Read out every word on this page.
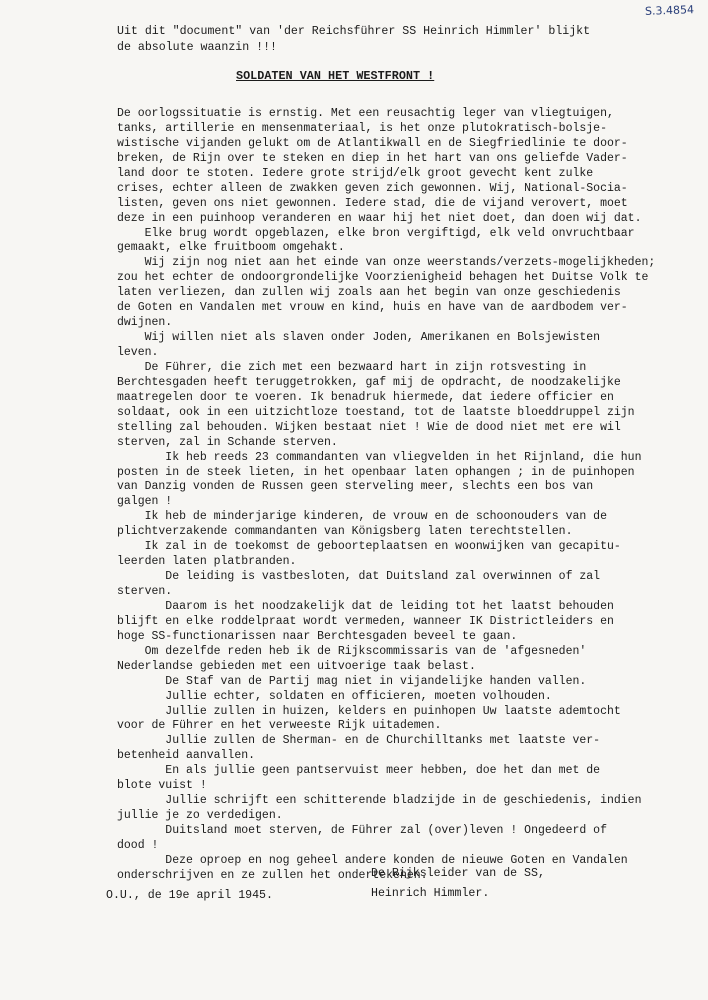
S.3.4854
Uit dit "document" van 'der Reichsführer SS Heinrich Himmler' blijkt
de absolute waanzin !!!
SOLDATEN VAN HET WESTFRONT !
De oorlogssituatie is ernstig. Met een reusachtig leger van vliegtuigen,
tanks, artillerie en mensenmateriaal, is het onze plutokratisch-bolsje-
wistische vijanden gelukt om de Atlantikwall en de Siegfriedlinie te door-
breken, de Rijn over te steken en diep in het hart van ons geliefde Vader-
land door te stoten. Iedere grote strijd/elk groot gevecht kent zulke
crises, echter alleen de zwakken geven zich gewonnen. Wij, National-Socia-
listen, geven ons niet gewonnen. Iedere stad, die de vijand verovert, moet
deze in een puinhoop veranderen en waar hij het niet doet, dan doen wij dat.
Elke brug wordt opgeblazen, elke bron vergiftigd, elk veld onvruchtbaar
gemaakt, elke fruitboom omgehakt.
Wij zijn nog niet aan het einde van onze weerstands/verzets-mogelijkheden;
zou het echter de ondoorgrondelijke Voorzienigheid behagen het Duitse Volk te
laten verliezen, dan zullen wij zoals aan het begin van onze geschiedenis
de Goten en Vandalen met vrouw en kind, huis en have van de aardbodem ver-
dwijnen.
Wij willen niet als slaven onder Joden, Amerikanen en Bolsjewisten
leven.
De Führer, die zich met een bezwaard hart in zijn rotsvesting in
Berchtesgaden heeft teruggetrokken, gaf mij de opdracht, de noodzakelijke
maatregelen door te voeren. Ik benadruk hiermede, dat iedere officier en
soldaat, ook in een uitzichtloze toestand, tot de laatste bloeddruppel zijn
stelling zal behouden. Wijken bestaat niet ! Wie de dood niet met ere wil
sterven, zal in Schande sterven.
Ik heb reeds 23 commandanten van vliegvelden in het Rijnland, die hun
posten in de steek lieten, in het openbaar laten ophangen ; in de puinhopen
van Danzig vonden de Russen geen sterveling meer, slechts een bos van
galgen !
Ik heb de minderjarige kinderen, de vrouw en de schoonouders van de
plichtverzakende commandanten van Königsberg laten terechtstellen.
Ik zal in de toekomst de geboorteplaatsen en woonwijken van gecapitu-
leerden laten platbranden.
De leiding is vastbesloten, dat Duitsland zal overwinnen of zal
sterven.
Daarom is het noodzakelijk dat de leiding tot het laatst behouden
blijft en elke roddelpraat wordt vermeden, wanneer IK Districtleiders en
hoge SS-functionarissen naar Berchtesgaden beveel te gaan.
Om dezelfde reden heb ik de Rijkscommissaris van de 'afgesneden'
Nederlandse gebieden met een uitvoerige taak belast.
De Staf van de Partij mag niet in vijandelijke handen vallen.
Jullie echter, soldaten en officieren, moeten volhouden.
Jullie zullen in huizen, kelders en puinhopen Uw laatste ademtocht
voor de Führer en het verweeste Rijk uitademen.
Jullie zullen de Sherman- en de Churchilltanks met laatste ver-
betenheid aanvallen.
En als jullie geen pantservuist meer hebben, doe het dan met de
blote vuist !
Jullie schrijft een schitterende bladzijde in de geschiedenis, indien
jullie je zo verdedigen.
Duitsland moet sterven, de Führer zal (over)leven ! Ongedeerd of
dood !
Deze oproep en nog geheel andere konden de nieuwe Goten en Vandalen
onderschrijven en ze zullen het ondertekenen.
De Rijksleider van de SS,
Heinrich Himmler.
O.U., de 19e april 1945.
